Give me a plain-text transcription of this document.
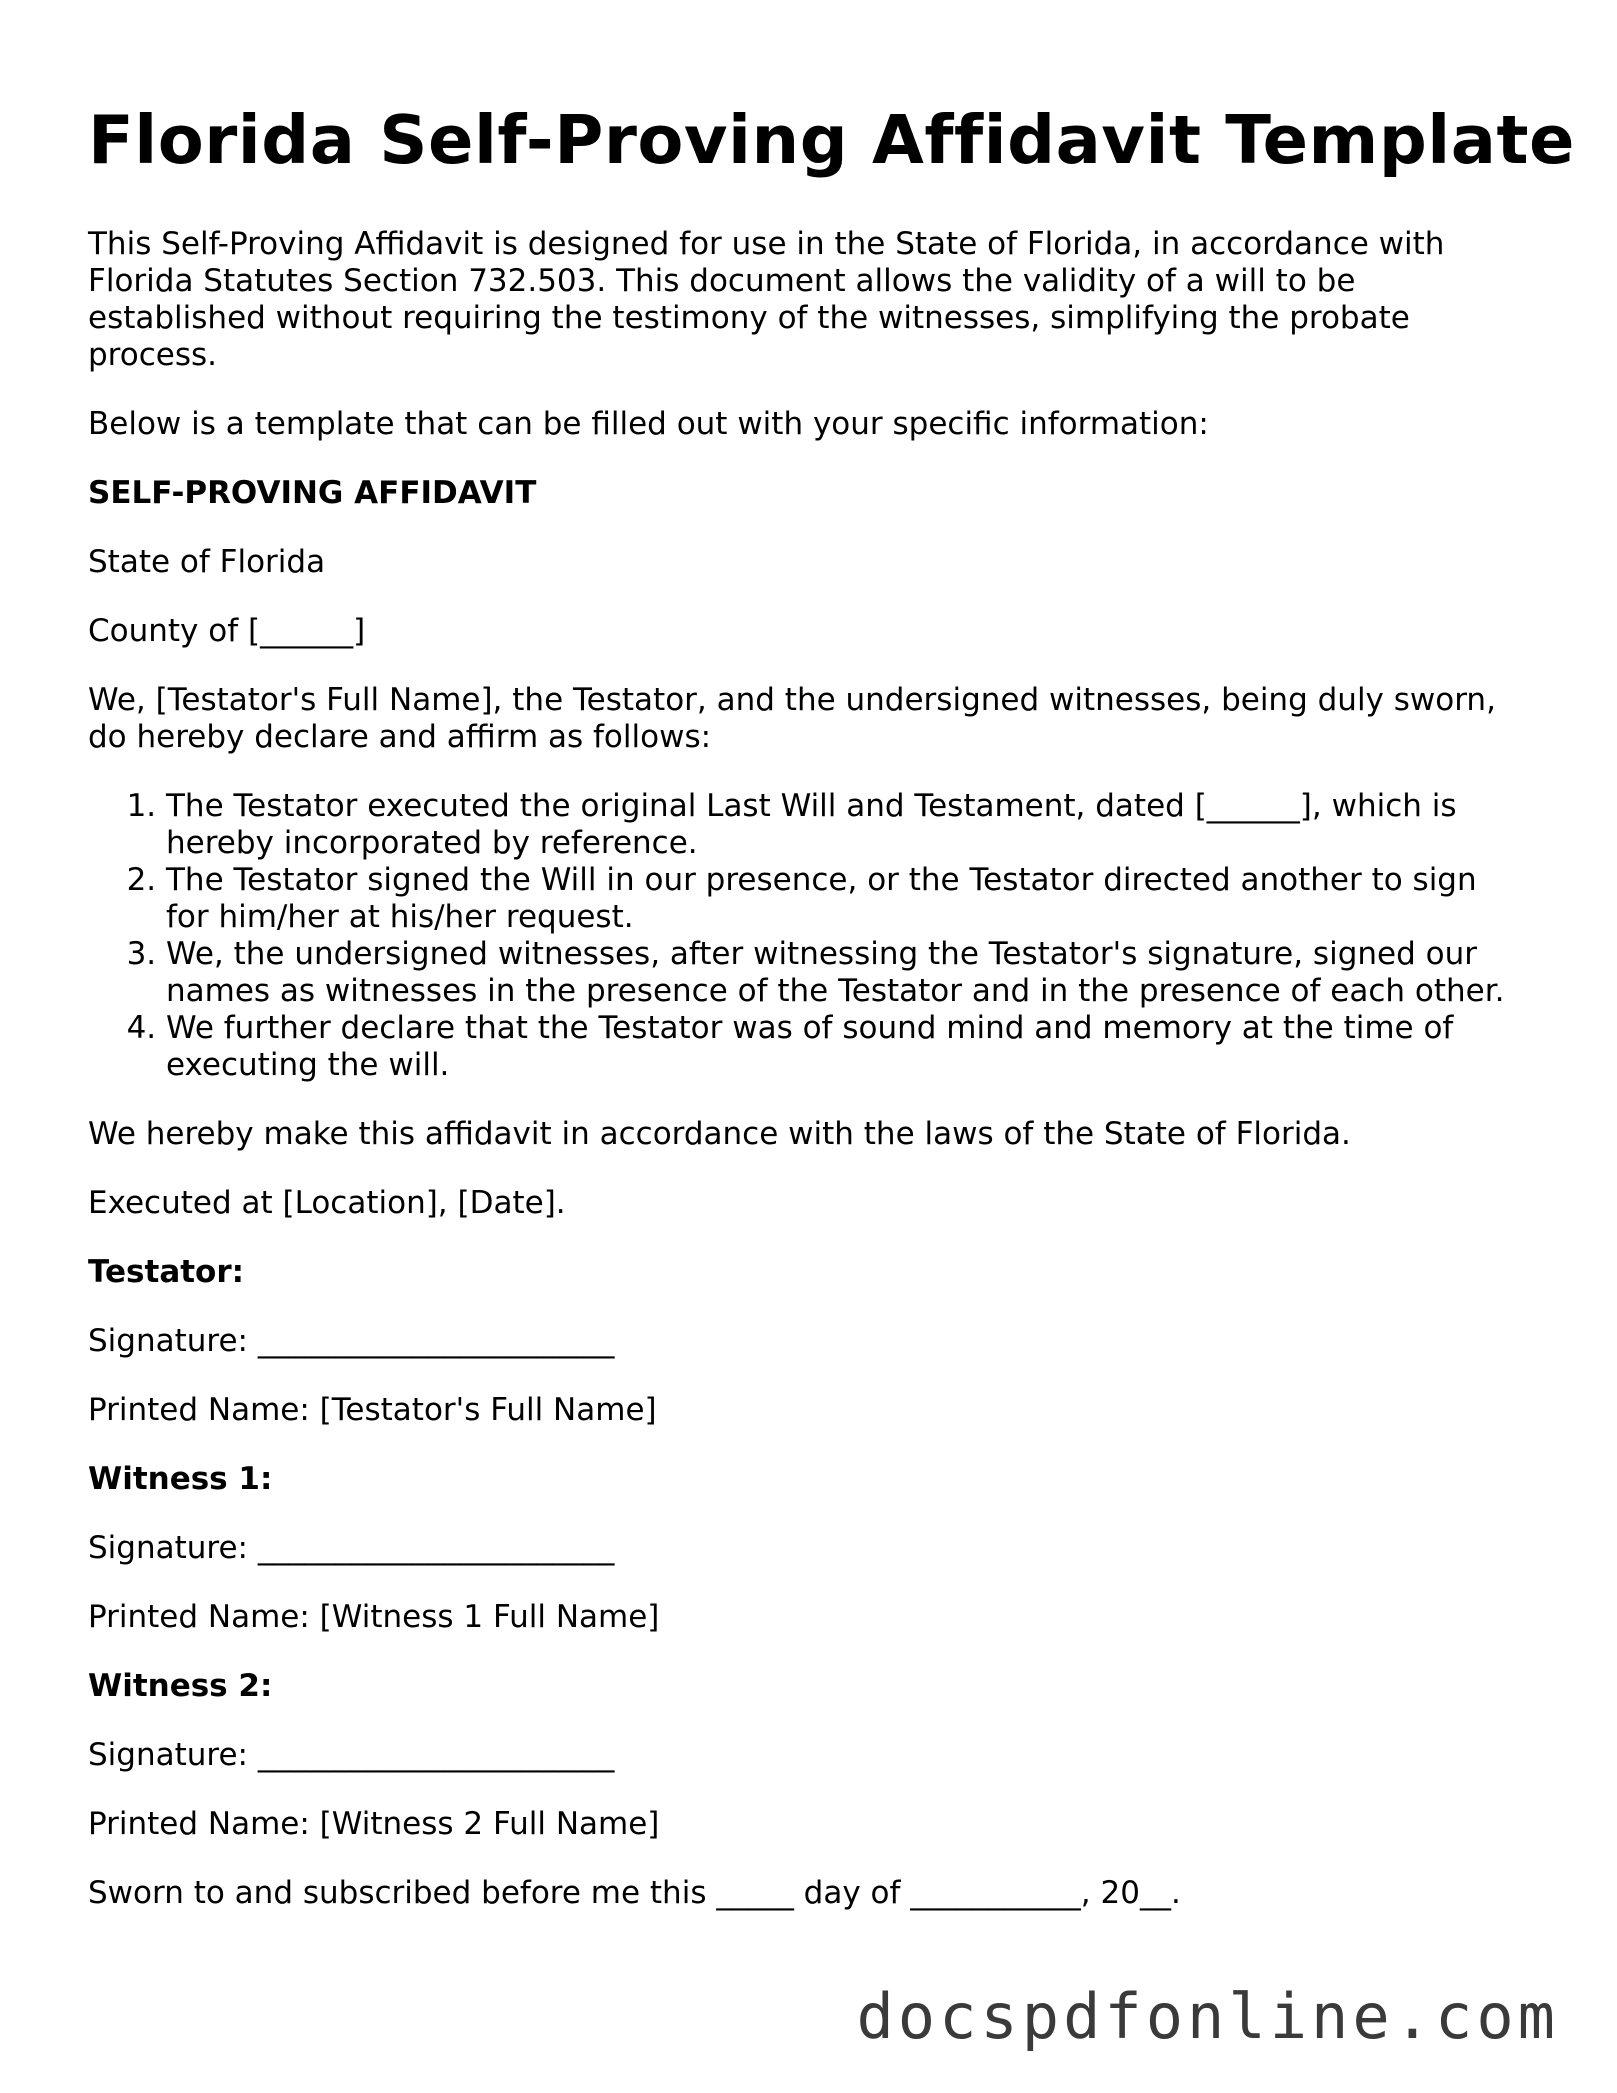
Florida Self-Proving Affidavit Template

This Self-Proving Affidavit is designed for use in the State of Florida, in accordance with Florida Statutes Section 732.503. This document allows the validity of a will to be established without requiring the testimony of the witnesses, simplifying the probate process.

Below is a template that can be filled out with your specific information:

SELF-PROVING AFFIDAVIT

State of Florida

County of [______]

We, [Testator's Full Name], the Testator, and the undersigned witnesses, being duly sworn, do hereby declare and affirm as follows:

1. The Testator executed the original Last Will and Testament, dated [______], which is hereby incorporated by reference.
2. The Testator signed the Will in our presence, or the Testator directed another to sign for him/her at his/her request.
3. We, the undersigned witnesses, after witnessing the Testator's signature, signed our names as witnesses in the presence of the Testator and in the presence of each other.
4. We further declare that the Testator was of sound mind and memory at the time of executing the will.

We hereby make this affidavit in accordance with the laws of the State of Florida.

Executed at [Location], [Date].

Testator:

Signature: _______________________

Printed Name: [Testator's Full Name]

Witness 1:

Signature: _______________________

Printed Name: [Witness 1 Full Name]

Witness 2:

Signature: _______________________

Printed Name: [Witness 2 Full Name]

Sworn to and subscribed before me this _____ day of ___________, 20__.

docspdfonline.com
